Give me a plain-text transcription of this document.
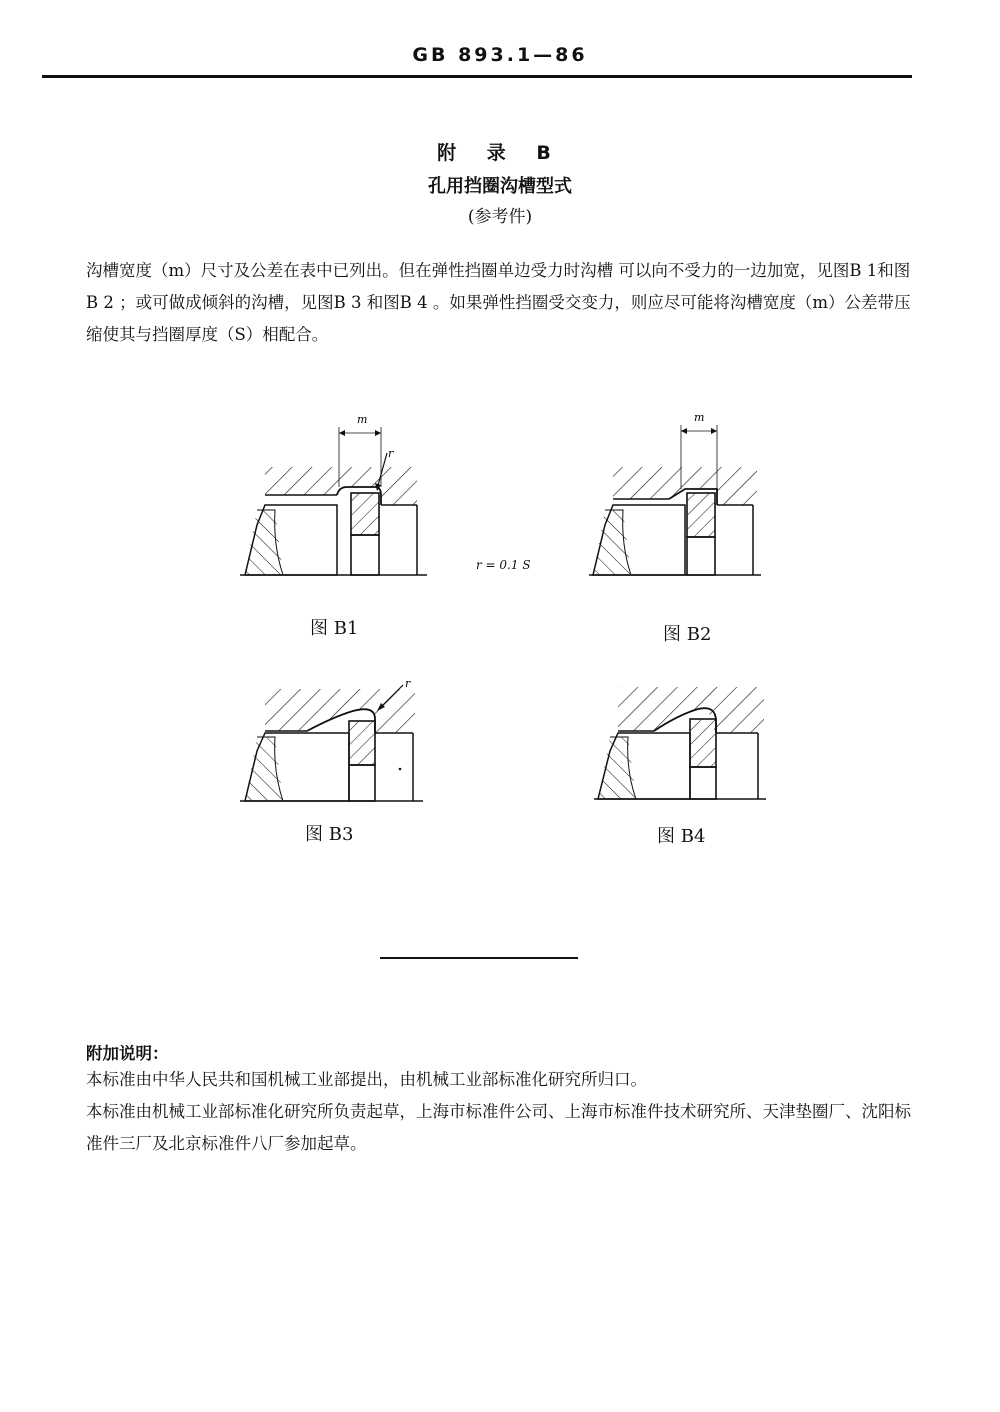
GB 893.1—86
附 录 B
孔用挡圈沟槽型式
(参考件)
沟槽宽度（m）尺寸及公差在表中已列出。但在弹性挡圈单边受力时沟槽 可以向不受力的一边加宽，见图B 1和图B 2 ；或可做成倾斜的沟槽，见图B 3 和图B 4 。如果弹性挡圈受交变力，则应尽可能将沟槽宽度（m）公差带压缩使其与挡圈厚度（S）相配合。
m
r
图 B1
r = 0.1 S
m
图 B2
r
图 B3	图 B4
附加说明：
本标准由中华人民共和国机械工业部提出，由机械工业部标准化研究所归口。
本标准由机械工业部标准化研究所负责起草，上海市标准件公司、上海市标准件技术研究所、天津垫圈厂、沈阳标准件三厂及北京标准件八厂参加起草。
